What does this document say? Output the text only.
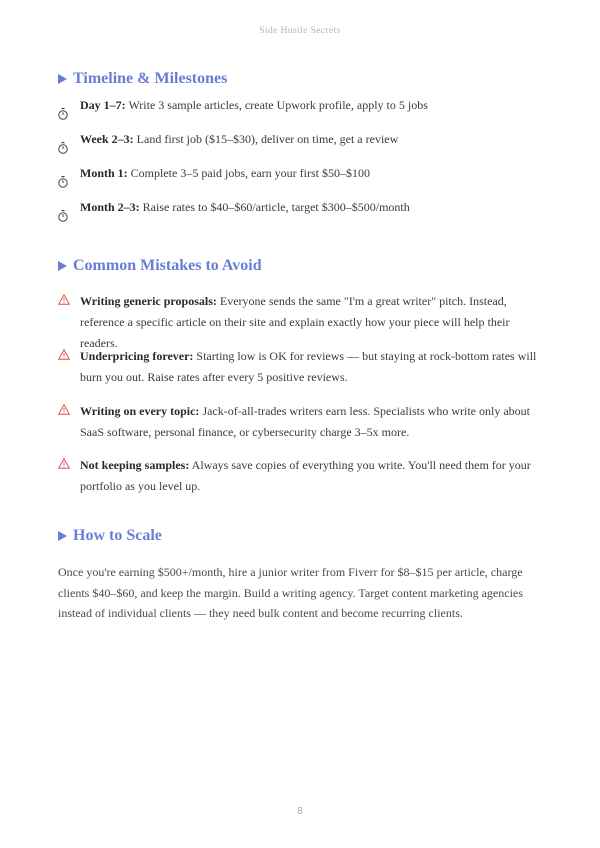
Side Hustle Secrets
Timeline & Milestones
Day 1–7: Write 3 sample articles, create Upwork profile, apply to 5 jobs
Week 2–3: Land first job ($15–$30), deliver on time, get a review
Month 1: Complete 3–5 paid jobs, earn your first $50–$100
Month 2–3: Raise rates to $40–$60/article, target $300–$500/month
Common Mistakes to Avoid
Writing generic proposals: Everyone sends the same "I'm a great writer" pitch. Instead, reference a specific article on their site and explain exactly how your piece will help their readers.
Underpricing forever: Starting low is OK for reviews — but staying at rock-bottom rates will burn you out. Raise rates after every 5 positive reviews.
Writing on every topic: Jack-of-all-trades writers earn less. Specialists who write only about SaaS software, personal finance, or cybersecurity charge 3–5x more.
Not keeping samples: Always save copies of everything you write. You'll need them for your portfolio as you level up.
How to Scale

Once you're earning $500+/month, hire a junior writer from Fiverr for $8–$15 per article, charge clients $40–$60, and keep the margin. Build a writing agency. Target content marketing agencies instead of individual clients — they need bulk content and become recurring clients.

8
